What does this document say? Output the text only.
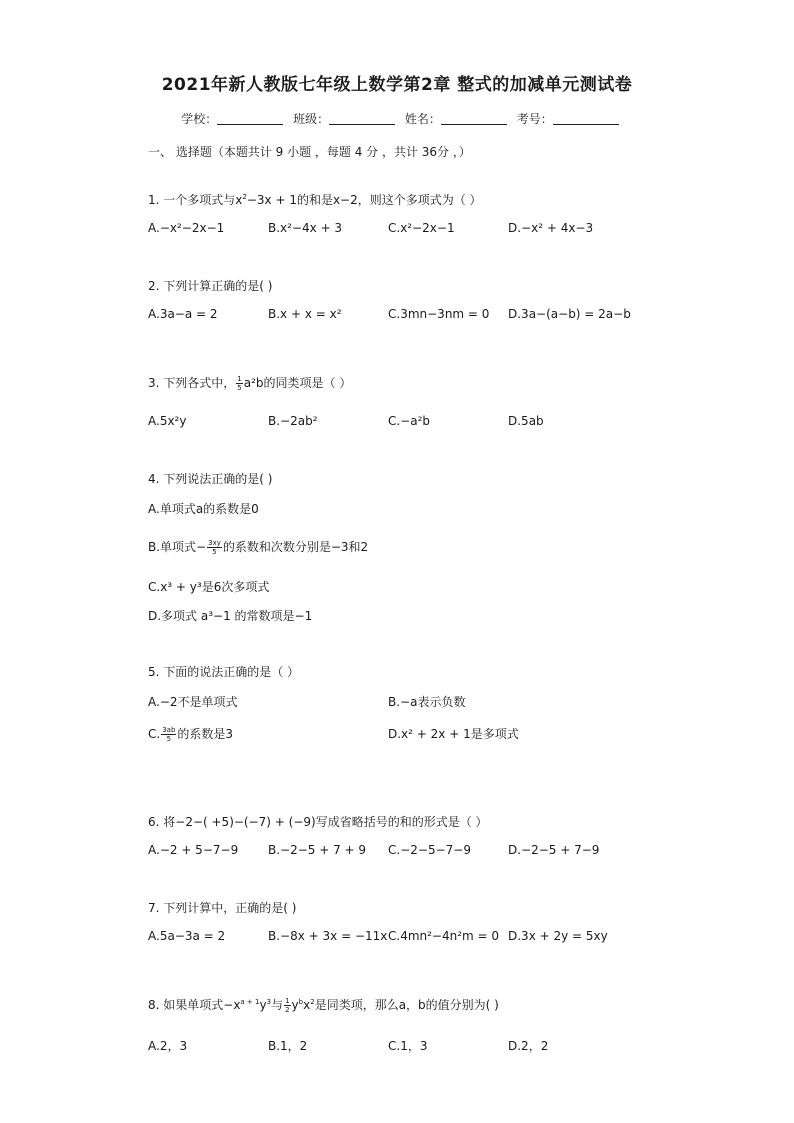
2021年新人教版七年级上数学第2章 整式的加减单元测试卷
学校：	班级：	姓名：	考号：
一、 选择题（本题共计 9 小题 ，每题 4 分 ，共计 36分 ，）
1. 一个多项式与$x^2-3x + 1$的和是x−2，则这个多项式为（ ）
A.−x²−2x−1	B.x²−4x + 3	C.x²−2x−1	D.−x² + 4x−3
2. 下列计算正确的是( )
A.3a−a = 2	B.x + x = x²	C.3mn−3nm = 0 D.3a−(a−b) = 2a−b
3. 下列各式中， $\frac{1}{5} a^2b$的同类项是（ ）
A.5x²y	B.−2ab²	C.−a²b	D.5ab
4. 下列说法正确的是( )
A.单项式a的系数是0
B.单项式− $\frac{3xy}{5}$ 的系数和次数分别是−3和2
C.x³ + y³是6次多项式
D.多项式 a³−1 的常数项是−1
5. 下面的说法正确的是（ ）
A.−2不是单项式	B.−a表示负数
C. $\frac{3ab}{5}$ 的系数是3	D.x² + 2x + 1是多项式
6. 将−2−( +5)−(−7) + (−9)写成省略括号的和的形式是（ ）
A.−2 + 5−7−9 B.−2−5 + 7 + 9 C.−2−5−7−9	D.−2−5 + 7−9
7. 下列计算中，正确的是( )
A.5a−3a = 2	B.−8x + 3x = −11x C.4mn²−4n²m = 0 D.3x + 2y = 5xy
8. 如果单项式$-x^{a + 1}y^3$与 $\frac{1}{2} y^bx^2$是同类项，那么a，b的值分别为( )
A.2，3	B.1，2	C.1，3	D.2，2
